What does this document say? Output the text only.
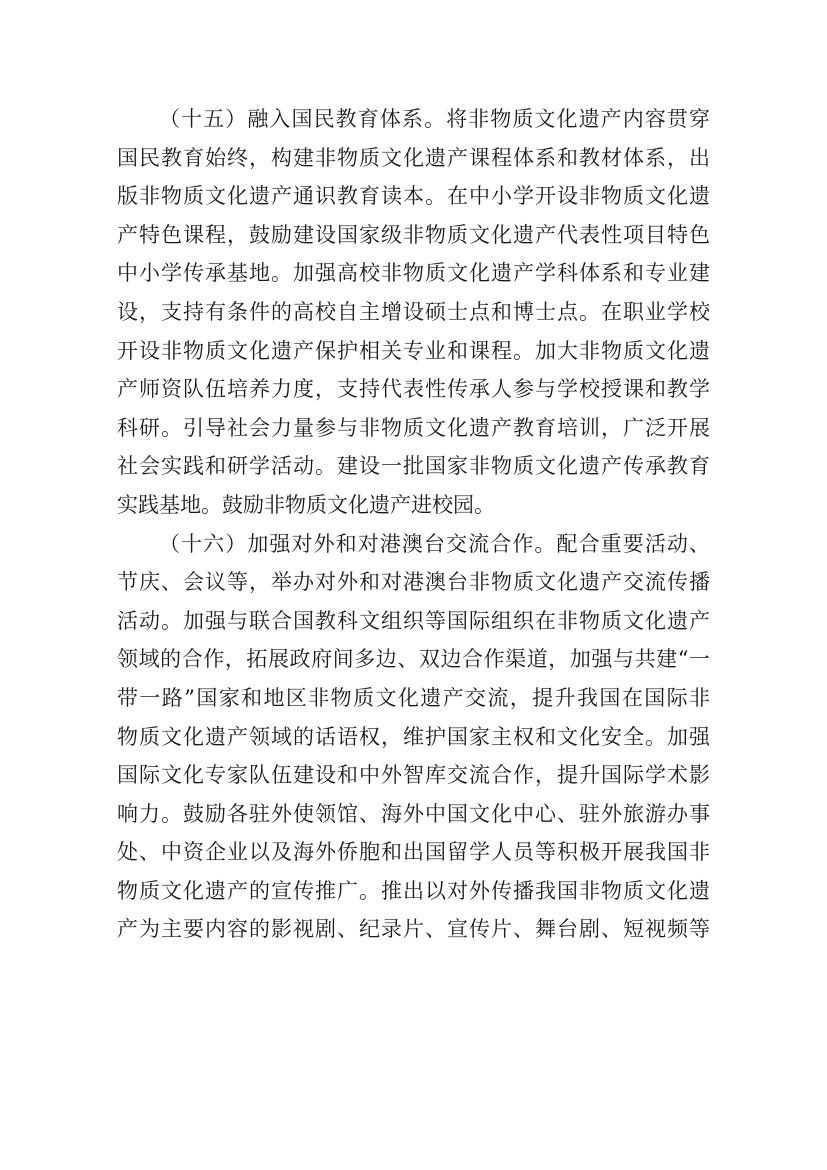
（十五）融入国民教育体系。将非物质文化遗产内容贯穿
国民教育始终，构建非物质文化遗产课程体系和教材体系，出
版非物质文化遗产通识教育读本。在中小学开设非物质文化遗
产特色课程，鼓励建设国家级非物质文化遗产代表性项目特色
中小学传承基地。加强高校非物质文化遗产学科体系和专业建
设，支持有条件的高校自主增设硕士点和博士点。在职业学校
开设非物质文化遗产保护相关专业和课程。加大非物质文化遗
产师资队伍培养力度，支持代表性传承人参与学校授课和教学
科研。引导社会力量参与非物质文化遗产教育培训，广泛开展
社会实践和研学活动。建设一批国家非物质文化遗产传承教育
实践基地。鼓励非物质文化遗产进校园。
（十六）加强对外和对港澳台交流合作。配合重要活动、
节庆、会议等，举办对外和对港澳台非物质文化遗产交流传播
活动。加强与联合国教科文组织等国际组织在非物质文化遗产
领域的合作，拓展政府间多边、双边合作渠道，加强与共建“一
带一路”国家和地区非物质文化遗产交流，提升我国在国际非
物质文化遗产领域的话语权，维护国家主权和文化安全。加强
国际文化专家队伍建设和中外智库交流合作，提升国际学术影
响力。鼓励各驻外使领馆、海外中国文化中心、驻外旅游办事
处、中资企业以及海外侨胞和出国留学人员等积极开展我国非
物质文化遗产的宣传推广。推出以对外传播我国非物质文化遗
产为主要内容的影视剧、纪录片、宣传片、舞台剧、短视频等
